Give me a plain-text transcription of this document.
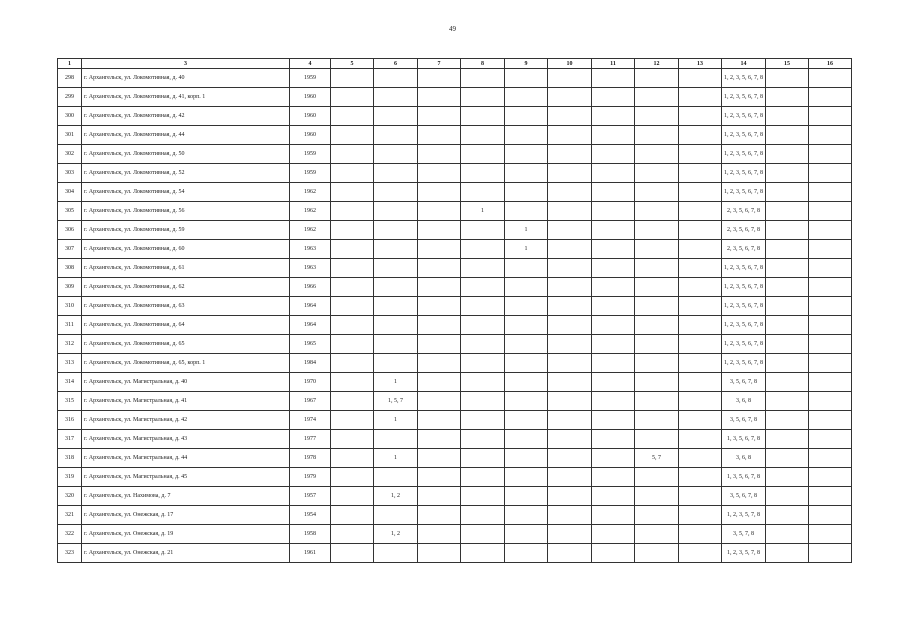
49
1	3	4	5	6	7	8	9	10	11	12	13	14	15	16
298	г. Архангельск, ул. Локомотивная, д. 40	1959										1, 2, 3, 5, 6, 7, 8		
299	г. Архангельск, ул. Локомотивная, д. 41, корп. 1	1960										1, 2, 3, 5, 6, 7, 8		
300	г. Архангельск, ул. Локомотивная, д. 42	1960										1, 2, 3, 5, 6, 7, 8		
301	г. Архангельск, ул. Локомотивная, д. 44	1960										1, 2, 3, 5, 6, 7, 8		
302	г. Архангельск, ул. Локомотивная, д. 50	1959										1, 2, 3, 5, 6, 7, 8		
303	г. Архангельск, ул. Локомотивная, д. 52	1959										1, 2, 3, 5, 6, 7, 8		
304	г. Архангельск, ул. Локомотивная, д. 54	1962										1, 2, 3, 5, 6, 7, 8		
305	г. Архангельск, ул. Локомотивная, д. 56	1962				1						2, 3, 5, 6, 7, 8		
306	г. Архангельск, ул. Локомотивная, д. 59	1962					1					2, 3, 5, 6, 7, 8		
307	г. Архангельск, ул. Локомотивная, д. 60	1963					1					2, 3, 5, 6, 7, 8		
308	г. Архангельск, ул. Локомотивная, д. 61	1963										1, 2, 3, 5, 6, 7, 8		
309	г. Архангельск, ул. Локомотивная, д. 62	1966										1, 2, 3, 5, 6, 7, 8		
310	г. Архангельск, ул. Локомотивная, д. 63	1964										1, 2, 3, 5, 6, 7, 8		
311	г. Архангельск, ул. Локомотивная, д. 64	1964										1, 2, 3, 5, 6, 7, 8		
312	г. Архангельск, ул. Локомотивная, д. 65	1965										1, 2, 3, 5, 6, 7, 8		
313	г. Архангельск, ул. Локомотивная, д. 65, корп. 1	1984										1, 2, 3, 5, 6, 7, 8		
314	г. Архангельск, ул. Магистральная, д. 40	1970		1								3, 5, 6, 7, 8		
315	г. Архангельск, ул. Магистральная, д. 41	1967		1, 5, 7								3, 6, 8		
316	г. Архангельск, ул. Магистральная, д. 42	1974		1								3, 5, 6, 7, 8		
317	г. Архангельск, ул. Магистральная, д. 43	1977										1, 3, 5, 6, 7, 8		
318	г. Архангельск, ул. Магистральная, д. 44	1978		1						5, 7		3, 6, 8		
319	г. Архангельск, ул. Магистральная, д. 45	1979										1, 3, 5, 6, 7, 8		
320	г. Архангельск, ул. Нахимова, д. 7	1957		1, 2								3, 5, 6, 7, 8		
321	г. Архангельск, ул. Онежская, д. 17	1954										1, 2, 3, 5, 7, 8		
322	г. Архангельск, ул. Онежская, д. 19	1958		1, 2								3, 5, 7, 8		
323	г. Архангельск, ул. Онежская, д. 21	1961										1, 2, 3, 5, 7, 8		
